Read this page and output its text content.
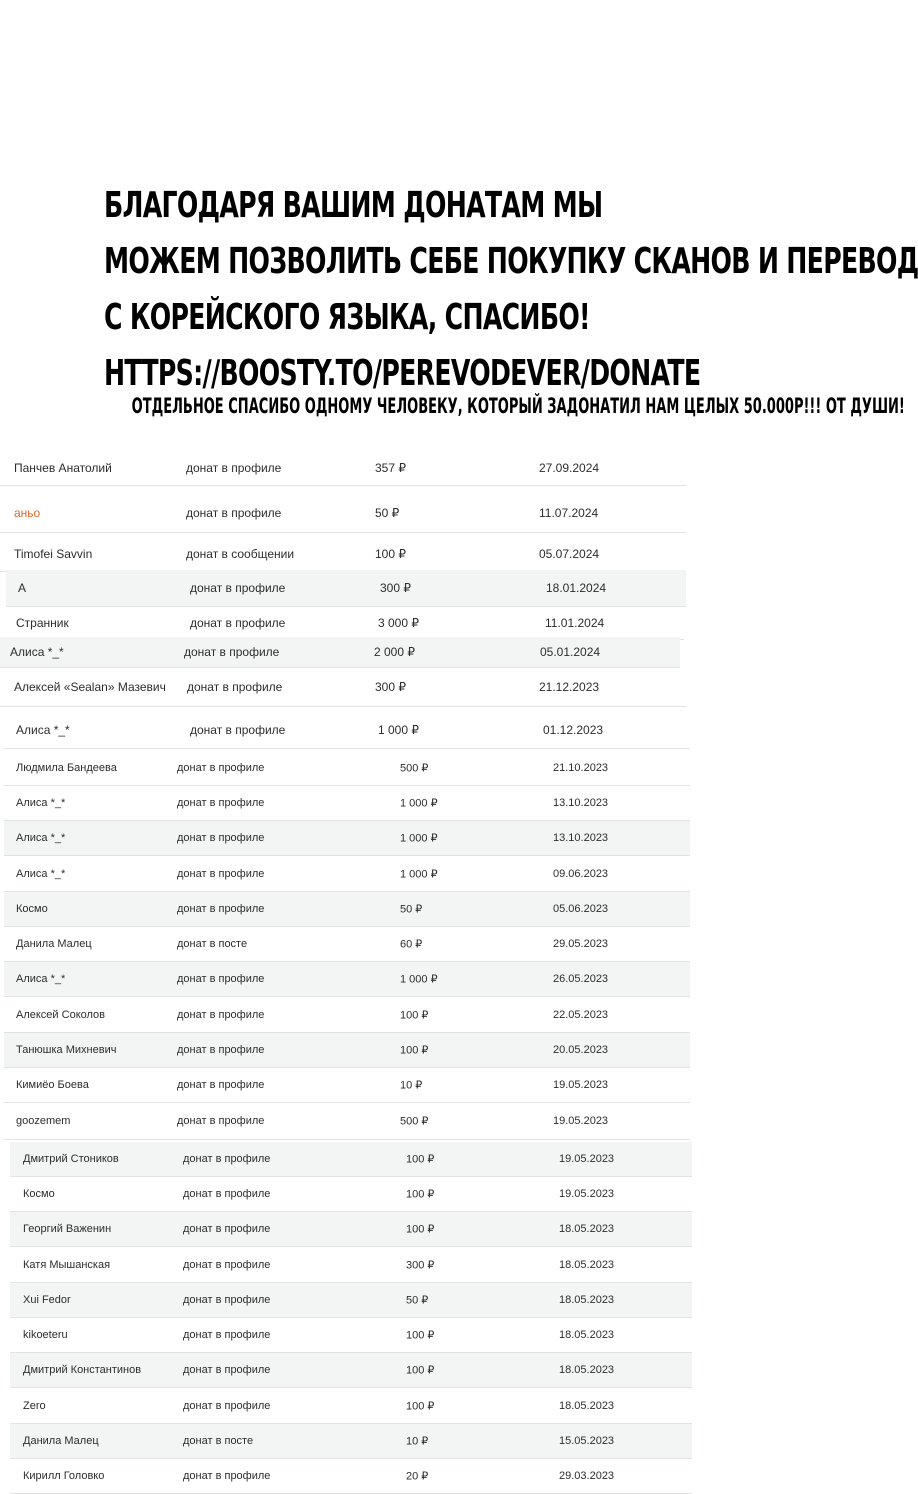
БЛАГОДАРЯ ВАШИМ ДОНАТАМ МЫ
МОЖЕМ ПОЗВОЛИТЬ СЕБЕ ПОКУПКУ СКАНОВ И ПЕРЕВОД
С КОРЕЙСКОГО ЯЗЫКА, СПАСИБО!
HTTPS://BOOSTY.TO/PEREVODEVER/DONATE
ОТДЕЛЬНОЕ СПАСИБО ОДНОМУ ЧЕЛОВЕКУ, КОТОРЫЙ ЗАДОНАТИЛ НАМ ЦЕЛЫХ 50.000Р!!! ОТ ДУШИ!
Панчев Анатолий	донат в профиле	357 ₽	27.09.2024
аньо	донат в профиле	50 ₽	11.07.2024
Timofei Savvin	донат в сообщении	100 ₽	05.07.2024
А	донат в профиле	300 ₽	18.01.2024
Странник	донат в профиле	3 000 ₽	11.01.2024
Алиса *_*	донат в профиле	2 000 ₽	05.01.2024
Алексей «Sealan» Мазевич донат в профиле	300 ₽	21.12.2023
Алиса *_*	донат в профиле	1 000 ₽	01.12.2023
Людмила Бандеева	донат в профиле	500 ₽	21.10.2023
Алиса *_*	донат в профиле	1 000 ₽	13.10.2023
Алиса *_*	донат в профиле	1 000 ₽	13.10.2023
Алиса *_*	донат в профиле	1 000 ₽	09.06.2023
Космо	донат в профиле	50 ₽	05.06.2023
Данила Малец	донат в посте	60 ₽	29.05.2023
Алиса *_*	донат в профиле	1 000 ₽	26.05.2023
Алексей Соколов	донат в профиле	100 ₽	22.05.2023
Танюшка Михневич	донат в профиле	100 ₽	20.05.2023
Кимиёо Боева	донат в профиле	10 ₽	19.05.2023
goozemem	донат в профиле	500 ₽	19.05.2023
Дмитрий Стоников	донат в профиле	100 ₽	19.05.2023
Космо	донат в профиле	100 ₽	19.05.2023
Георгий Важенин	донат в профиле	100 ₽	18.05.2023
Катя Мышанская	донат в профиле	300 ₽	18.05.2023
Xui Fedor	донат в профиле	50 ₽	18.05.2023
kikoeteru	донат в профиле	100 ₽	18.05.2023
Дмитрий Константинов	донат в профиле	100 ₽	18.05.2023
Zero	донат в профиле	100 ₽	18.05.2023
Данила Малец	донат в посте	10 ₽	15.05.2023
Кирилл Головко	донат в профиле	20 ₽	29.03.2023
